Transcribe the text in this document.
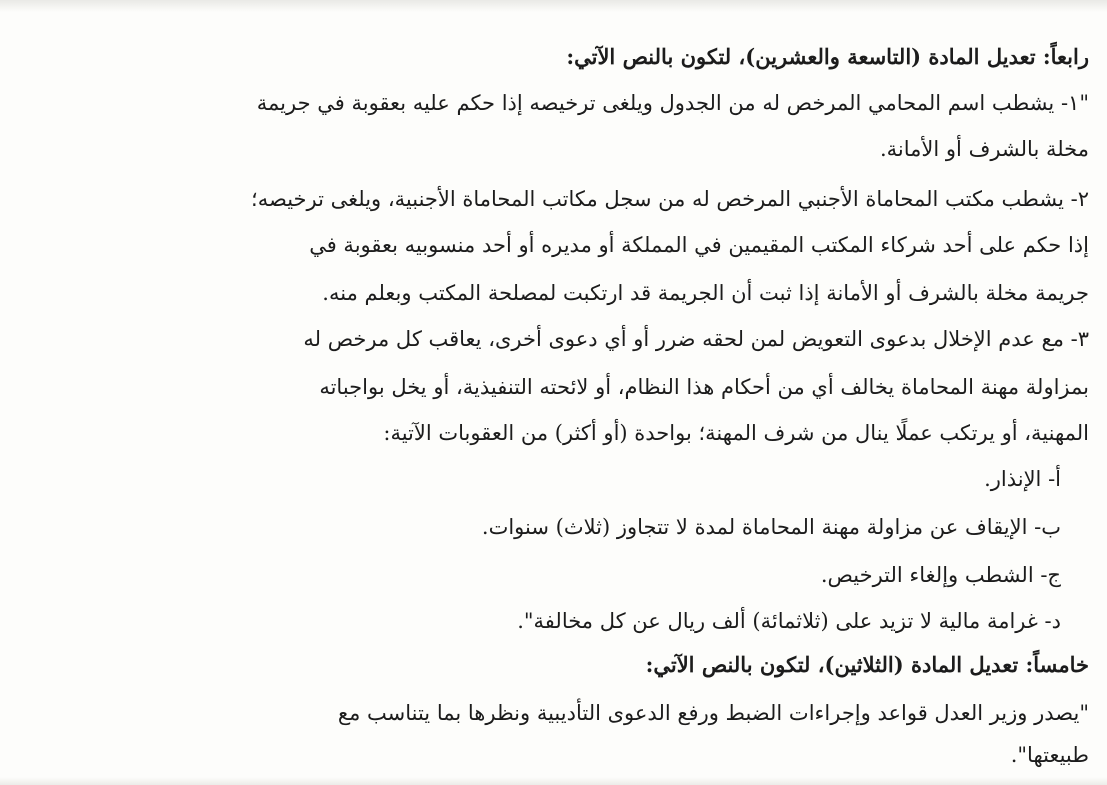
رابعاً: تعديل المادة (التاسعة والعشرين)، لتكون بالنص الآتي:
"١- يشطب اسم المحامي المرخص له من الجدول ويلغى ترخيصه إذا حكم عليه بعقوبة في جريمة
مخلة بالشرف أو الأمانة.
٢- يشطب مكتب المحاماة الأجنبي المرخص له من سجل مكاتب المحاماة الأجنبية، ويلغى ترخيصه؛
إذا حكم على أحد شركاء المكتب المقيمين في المملكة أو مديره أو أحد منسوبيه بعقوبة في
جريمة مخلة بالشرف أو الأمانة إذا ثبت أن الجريمة قد ارتكبت لمصلحة المكتب وبعلم منه.
٣- مع عدم الإخلال بدعوى التعويض لمن لحقه ضرر أو أي دعوى أخرى، يعاقب كل مرخص له
بمزاولة مهنة المحاماة يخالف أي من أحكام هذا النظام، أو لائحته التنفيذية، أو يخل بواجباته
المهنية، أو يرتكب عملًا ينال من شرف المهنة؛ بواحدة (أو أكثر) من العقوبات الآتية:
أ- الإنذار.
ب- الإيقاف عن مزاولة مهنة المحاماة لمدة لا تتجاوز (ثلاث) سنوات.
ج- الشطب وإلغاء الترخيص.
د- غرامة مالية لا تزيد على (ثلاثمائة) ألف ريال عن كل مخالفة".
خامساً: تعديل المادة (الثلاثين)، لتكون بالنص الآتي:
"يصدر وزير العدل قواعد وإجراءات الضبط ورفع الدعوى التأديبية ونظرها بما يتناسب مع
طبيعتها".
